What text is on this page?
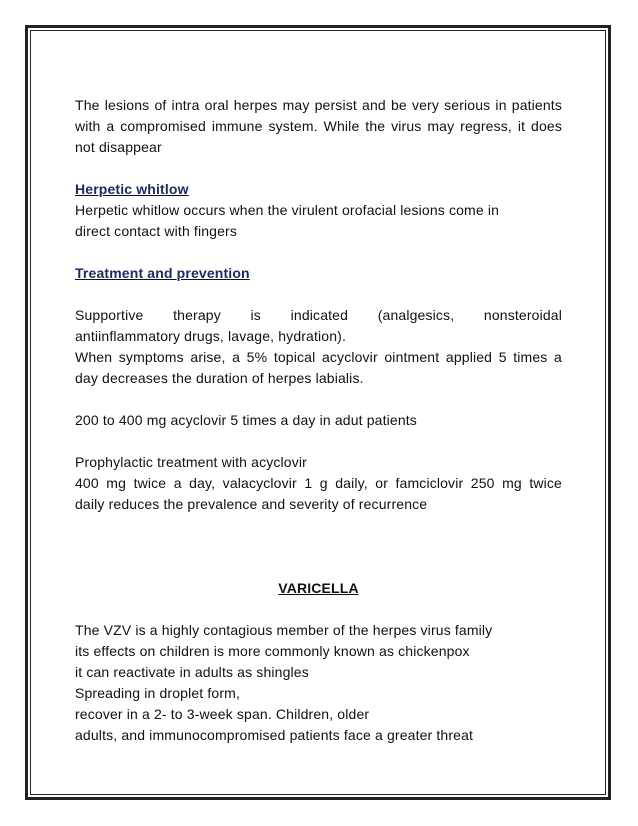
The lesions of intra oral herpes may persist and be very serious in patients

with a compromised immune system. While the virus may regress, it does

not disappear

Herpetic whitlow

Herpetic whitlow occurs when the virulent orofacial lesions come in

direct contact with fingers

Treatment and prevention

Supportive therapy is indicated (analgesics, nonsteroidal

antiinflammatory drugs, lavage, hydration).

When symptoms arise, a 5% topical acyclovir ointment applied 5 times a

day decreases the duration of herpes labialis.

200 to 400 mg acyclovir 5 times a day in adut patients

Prophylactic treatment with acyclovir

400 mg twice a day, valacyclovir 1 g daily, or famciclovir 250 mg twice

daily reduces the prevalence and severity of recurrence

VARICELLA

The VZV is a highly contagious member of the herpes virus family

its effects on children is more commonly known as chickenpox

it can reactivate in adults as shingles

Spreading in droplet form,

recover in a 2- to 3-week span. Children, older

adults, and immunocompromised patients face a greater threat
